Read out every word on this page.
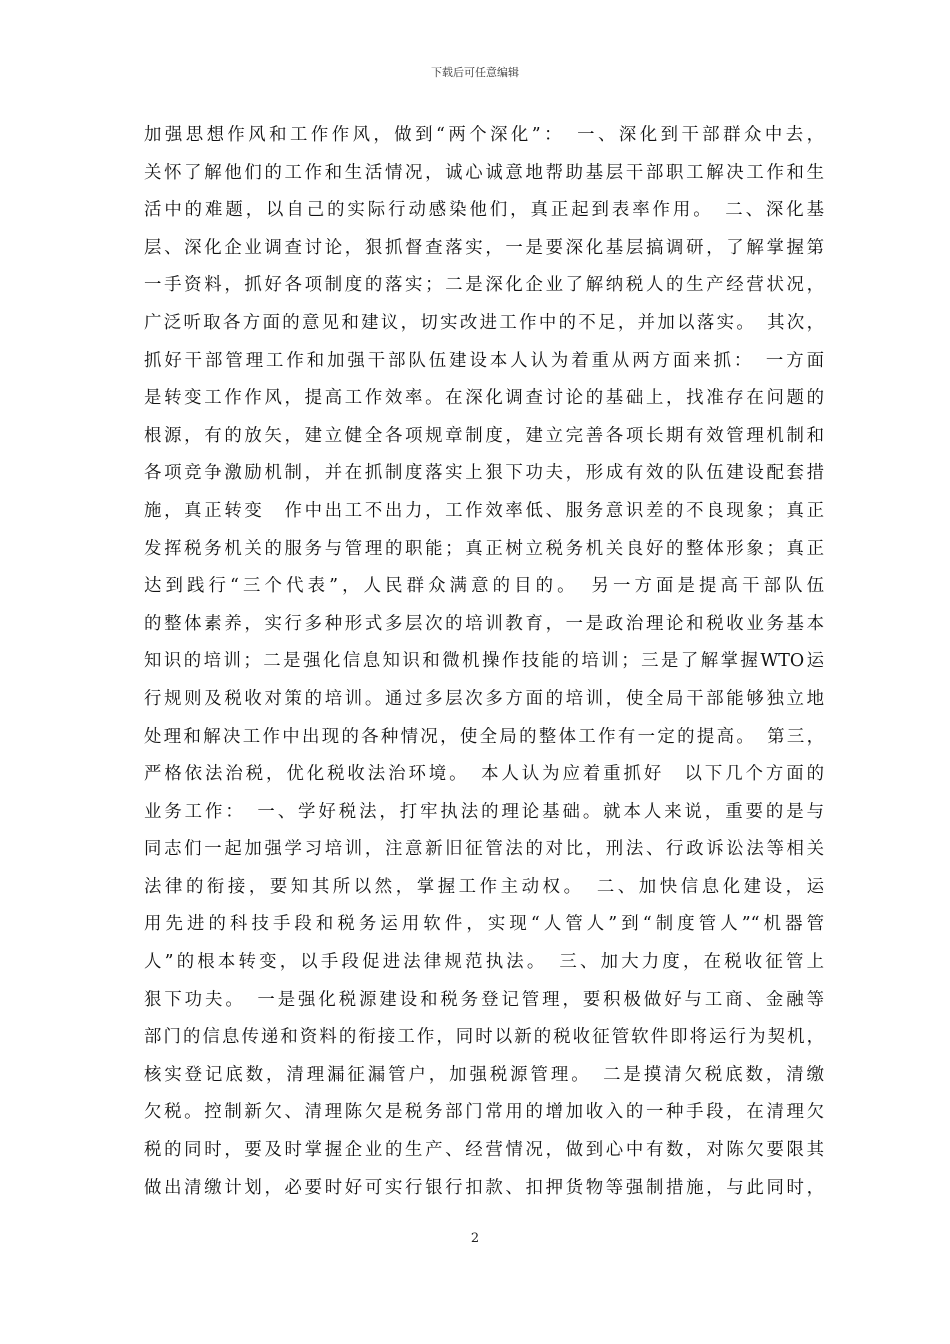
下载后可任意编辑
加强思想作风和工作作风，做到“两个深化”：　一、深化到干部群众中去，
关怀了解他们的工作和生活情况，诚心诚意地帮助基层干部职工解决工作和生
活中的难题，以自己的实际行动感染他们，真正起到表率作用。　二、深化基
层、深化企业调查讨论，狠抓督查落实，一是要深化基层搞调研，了解掌握第
一手资料，抓好各项制度的落实；二是深化企业了解纳税人的生产经营状况，
广泛听取各方面的意见和建议，切实改进工作中的不足，并加以落实。　其次，
抓好干部管理工作和加强干部队伍建设本人认为着重从两方面来抓：　一方面
是转变工作作风，提高工作效率。在深化调查讨论的基础上，找准存在问题的
根源，有的放矢，建立健全各项规章制度，建立完善各项长期有效管理机制和
各项竞争激励机制，并在抓制度落实上狠下功夫，形成有效的队伍建设配套措
施，真正转变　作中出工不出力，工作效率低、服务意识差的不良现象；真正
发挥税务机关的服务与管理的职能；真正树立税务机关良好的整体形象；真正
达到践行“三个代表”，人民群众满意的目的。　另一方面是提高干部队伍
的整体素养，实行多种形式多层次的培训教育，一是政治理论和税收业务基本
知识的培训；二是强化信息知识和微机操作技能的培训；三是了解掌握WTO运
行规则及税收对策的培训。通过多层次多方面的培训，使全局干部能够独立地
处理和解决工作中出现的各种情况，使全局的整体工作有一定的提高。　第三，
严格依法治税，优化税收法治环境。　本人认为应着重抓好　以下几个方面的
业务工作：　一、学好税法，打牢执法的理论基础。就本人来说，重要的是与
同志们一起加强学习培训，注意新旧征管法的对比，刑法、行政诉讼法等相关
法律的衔接，要知其所以然，掌握工作主动权。　二、加快信息化建设，运
用先进的科技手段和税务运用软件，实现“人管人”到“制度管人”“机器管
人”的根本转变，以手段促进法律规范执法。　三、加大力度，在税收征管上
狠下功夫。　一是强化税源建设和税务登记管理，要积极做好与工商、金融等
部门的信息传递和资料的衔接工作，同时以新的税收征管软件即将运行为契机，
核实登记底数，清理漏征漏管户，加强税源管理。　二是摸清欠税底数，清缴
欠税。控制新欠、清理陈欠是税务部门常用的增加收入的一种手段，在清理欠
税的同时，要及时掌握企业的生产、经营情况，做到心中有数，对陈欠要限其
做出清缴计划，必要时好可实行银行扣款、扣押货物等强制措施，与此同时，
2
